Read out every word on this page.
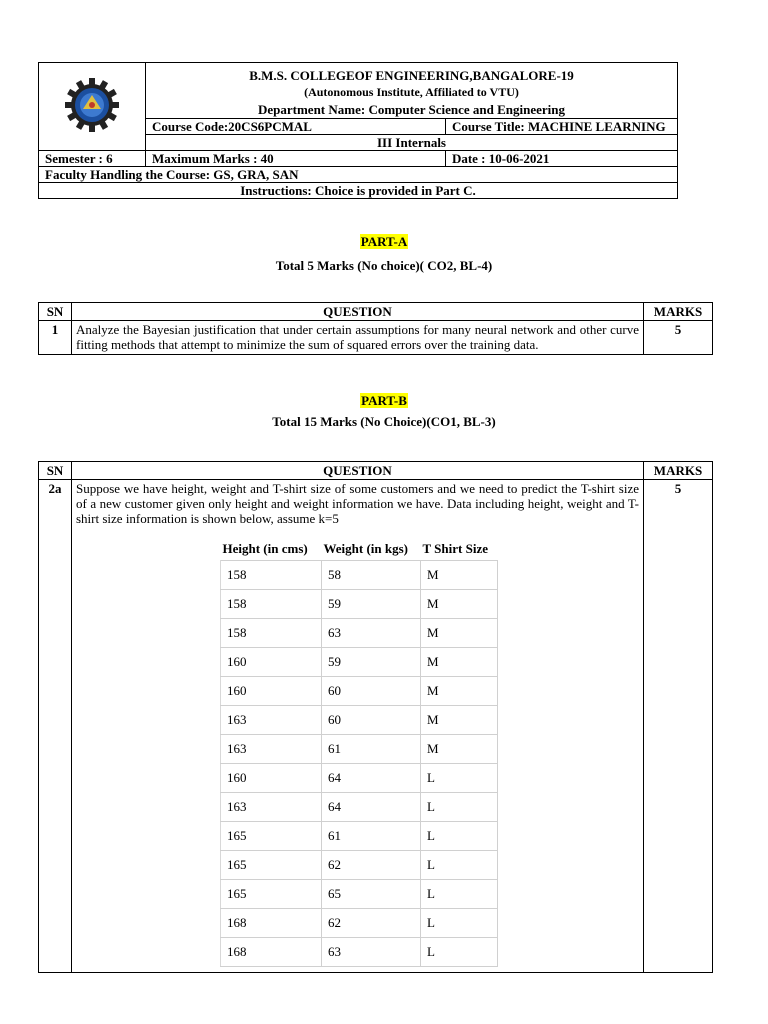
B.M.S. COLLEGEOF ENGINEERING,BANGALORE-19
(Autonomous Institute, Affiliated to VTU)
Department Name: Computer Science and Engineering	

	Course Code:20CS6PCMAL	Course Title: MACHINE LEARNING
	III Internals	
Semester : 6	Maximum Marks : 40	Date : 10-06-2021
Faculty Handling the Course: GS, GRA, SAN		
Instructions: Choice is provided in Part C.		
PART-A
Total 5 Marks (No choice)( CO2, BL-4)
SN	QUESTION	MARKS
1	Analyze the Bayesian justification that under certain assumptions for many neural network and other curve fitting methods that attempt to minimize the sum of squared errors over the training data.	5
PART-B
Total 15 Marks (No Choice)(CO1, BL-3)
SN	QUESTION	MARKS
2a	Suppose we have height, weight and T-shirt size of some customers and we need to predict the T-shirt size of a new customer given only height and weight information we have. Data including height, weight and T-shirt size information is shown below, assume k=5
Height (in cms)	Weight (in kgs)	T Shirt Size
158	58	M
158	59	M
158	63	M
160	59	M
160	60	M
163	60	M
163	61	M
160	64	L
163	64	L
165	61	L
165	62	L
165	65	L
168	62	L
168	63	L
	5
